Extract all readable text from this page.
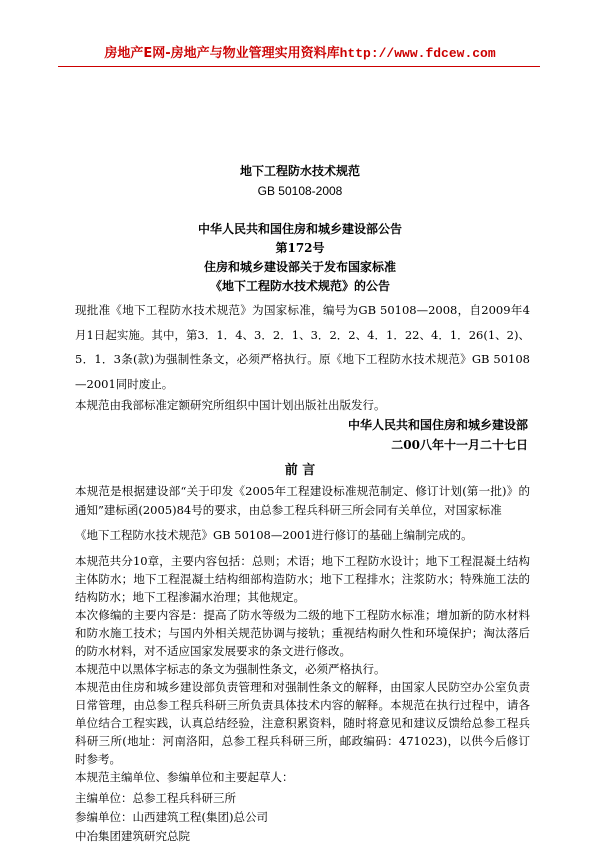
房地产E网-房地产与物业管理实用资料库http://www.fdcew.com
地下工程防水技术规范
GB 50108-2008
中华人民共和国住房和城乡建设部公告
第172号
住房和城乡建设部关于发布国家标准
《地下工程防水技术规范》的公告
现批准《地下工程防水技术规范》为国家标准，编号为GB 50108—2008，自2009年4月1日起实施。其中，第3．1．4、3．2．1、3．2．2、4．1．22、4．1．26(1、2)、5．1．3条(款)为强制性条文，必须严格执行。原《地下工程防水技术规范》GB 50108—2001同时废止。
本规范由我部标准定额研究所组织中国计划出版社出版发行。
中华人民共和国住房和城乡建设部
二00八年十一月二十七日
前 言
本规范是根据建设部“关于印发《2005年工程建设标准规范制定、修订计划(第一批)》的通知”建标函(2005)84号的要求，由总参工程兵科研三所会同有关单位，对国家标准
《地下工程防水技术规范》GB 50108—2001进行修订的基础上编制完成的。
本规范共分10章，主要内容包括：总则；术语；地下工程防水设计；地下工程混凝土结构主体防水；地下工程混凝土结构细部构造防水；地下工程排水；注浆防水；特殊施工法的结构防水；地下工程渗漏水治理；其他规定。
本次修编的主要内容是：提高了防水等级为二级的地下工程防水标准；增加新的防水材料和防水施工技术；与国内外相关规范协调与接轨；重视结构耐久性和环境保护；淘汰落后的防水材料，对不适应国家发展要求的条文进行修改。
本规范中以黑体字标志的条文为强制性条文，必须严格执行。
本规范由住房和城乡建设部负责管理和对强制性条文的解释，由国家人民防空办公室负责日常管理，由总参工程兵科研三所负责具体技术内容的解释。本规范在执行过程中，请各单位结合工程实践，认真总结经验，注意积累资料，随时将意见和建议反馈给总参工程兵科研三所(地址：河南洛阳，总参工程兵科研三所，邮政编码：471023)，以供今后修订时参考。
本规范主编单位、参编单位和主要起草人：
主编单位：总参工程兵科研三所
参编单位：山西建筑工程(集团)总公司
中冶集团建筑研究总院
